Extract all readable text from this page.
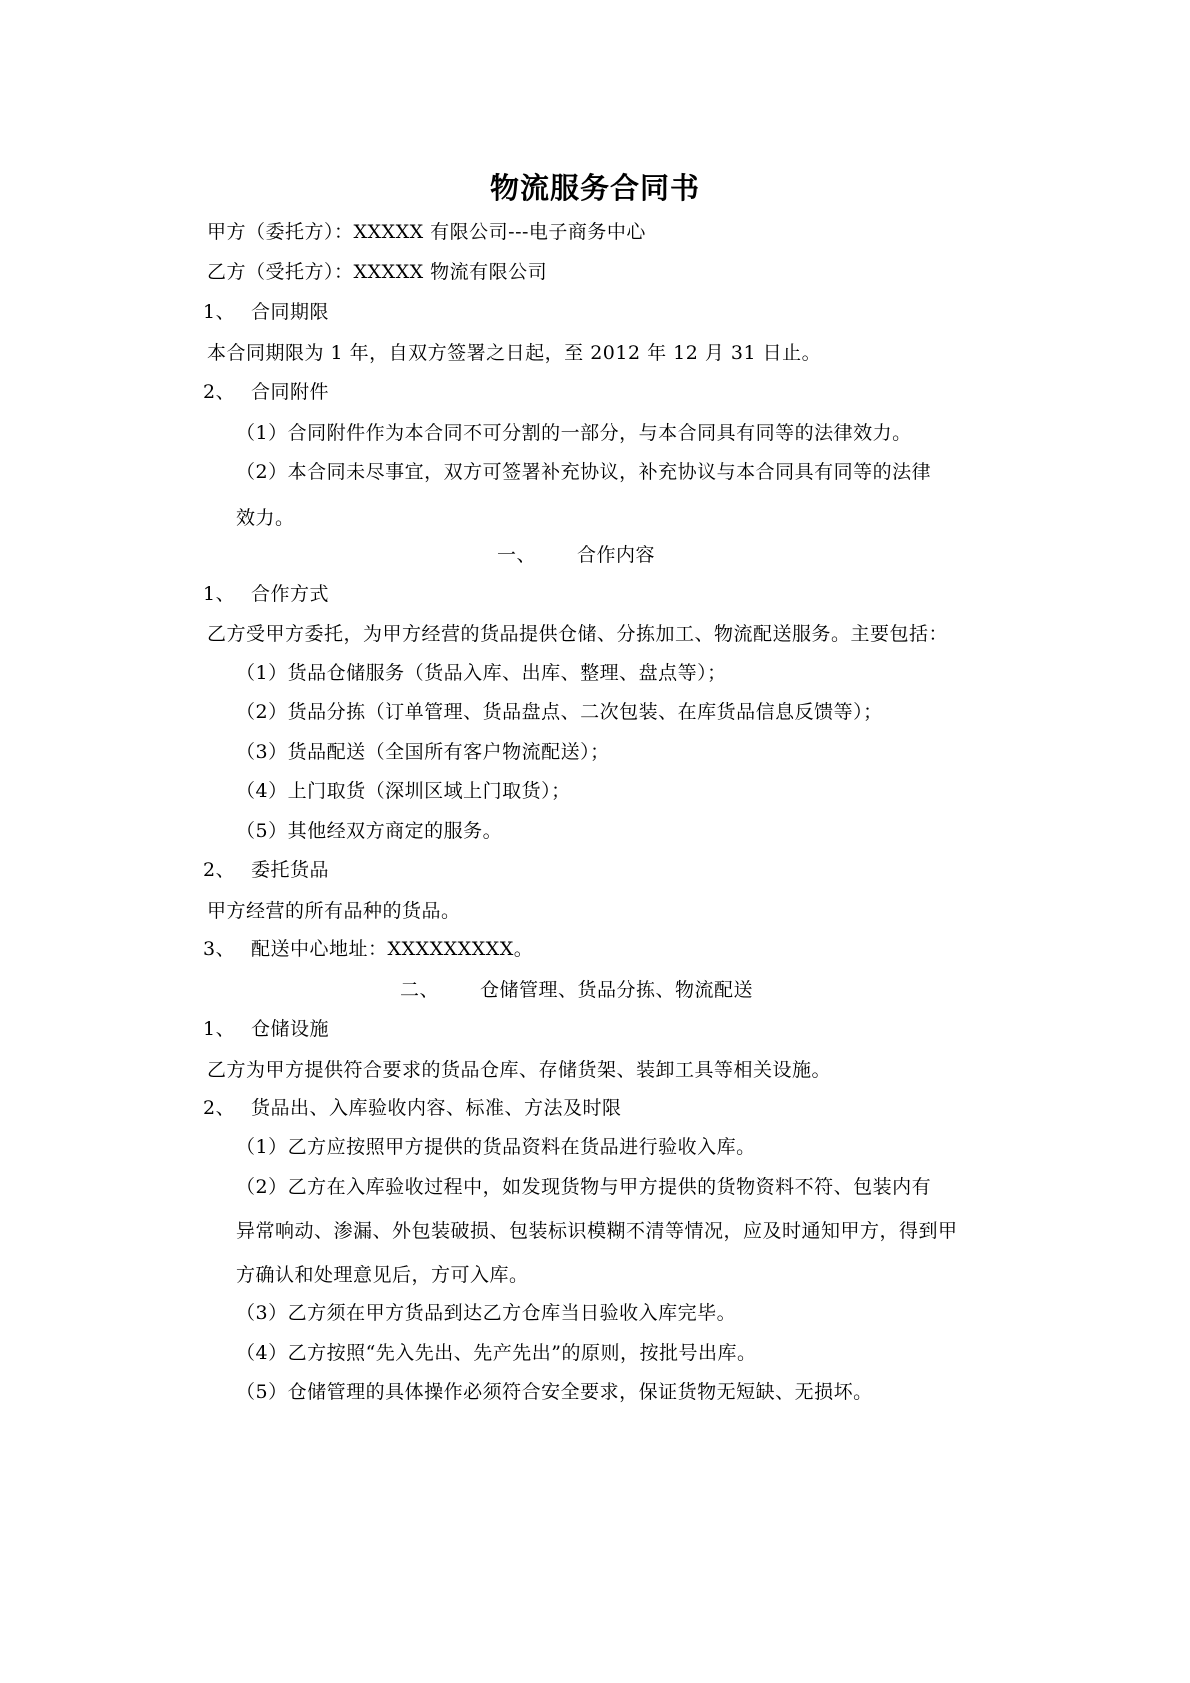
物流服务合同书
甲方（委托方）：XXXXX 有限公司---电子商务中心
乙方（受托方）：XXXXX 物流有限公司
1、 合同期限
本合同期限为 1 年，自双方签署之日起，至 2012 年 12 月 31 日止。
2、 合同附件
（1）合同附件作为本合同不可分割的一部分，与本合同具有同等的法律效力。
（2）本合同未尽事宜，双方可签署补充协议，补充协议与本合同具有同等的法律
效力。
一、 合作内容
1、 合作方式
乙方受甲方委托，为甲方经营的货品提供仓储、分拣加工、物流配送服务。主要包括：
（1）货品仓储服务（货品入库、出库、整理、盘点等）；
（2）货品分拣（订单管理、货品盘点、二次包装、在库货品信息反馈等）；
（3）货品配送（全国所有客户物流配送）；
（4）上门取货（深圳区域上门取货）；
（5）其他经双方商定的服务。
2、 委托货品
甲方经营的所有品种的货品。
3、 配送中心地址：XXXXXXXXX。
二、 仓储管理、货品分拣、物流配送
1、 仓储设施
乙方为甲方提供符合要求的货品仓库、存储货架、装卸工具等相关设施。
2、 货品出、入库验收内容、标准、方法及时限
（1）乙方应按照甲方提供的货品资料在货品进行验收入库。
（2）乙方在入库验收过程中，如发现货物与甲方提供的货物资料不符、包装内有
异常响动、渗漏、外包装破损、包装标识模糊不清等情况，应及时通知甲方，得到甲
方确认和处理意见后，方可入库。
（3）乙方须在甲方货品到达乙方仓库当日验收入库完毕。
（4）乙方按照“先入先出、先产先出”的原则，按批号出库。
（5）仓储管理的具体操作必须符合安全要求，保证货物无短缺、无损坏。
